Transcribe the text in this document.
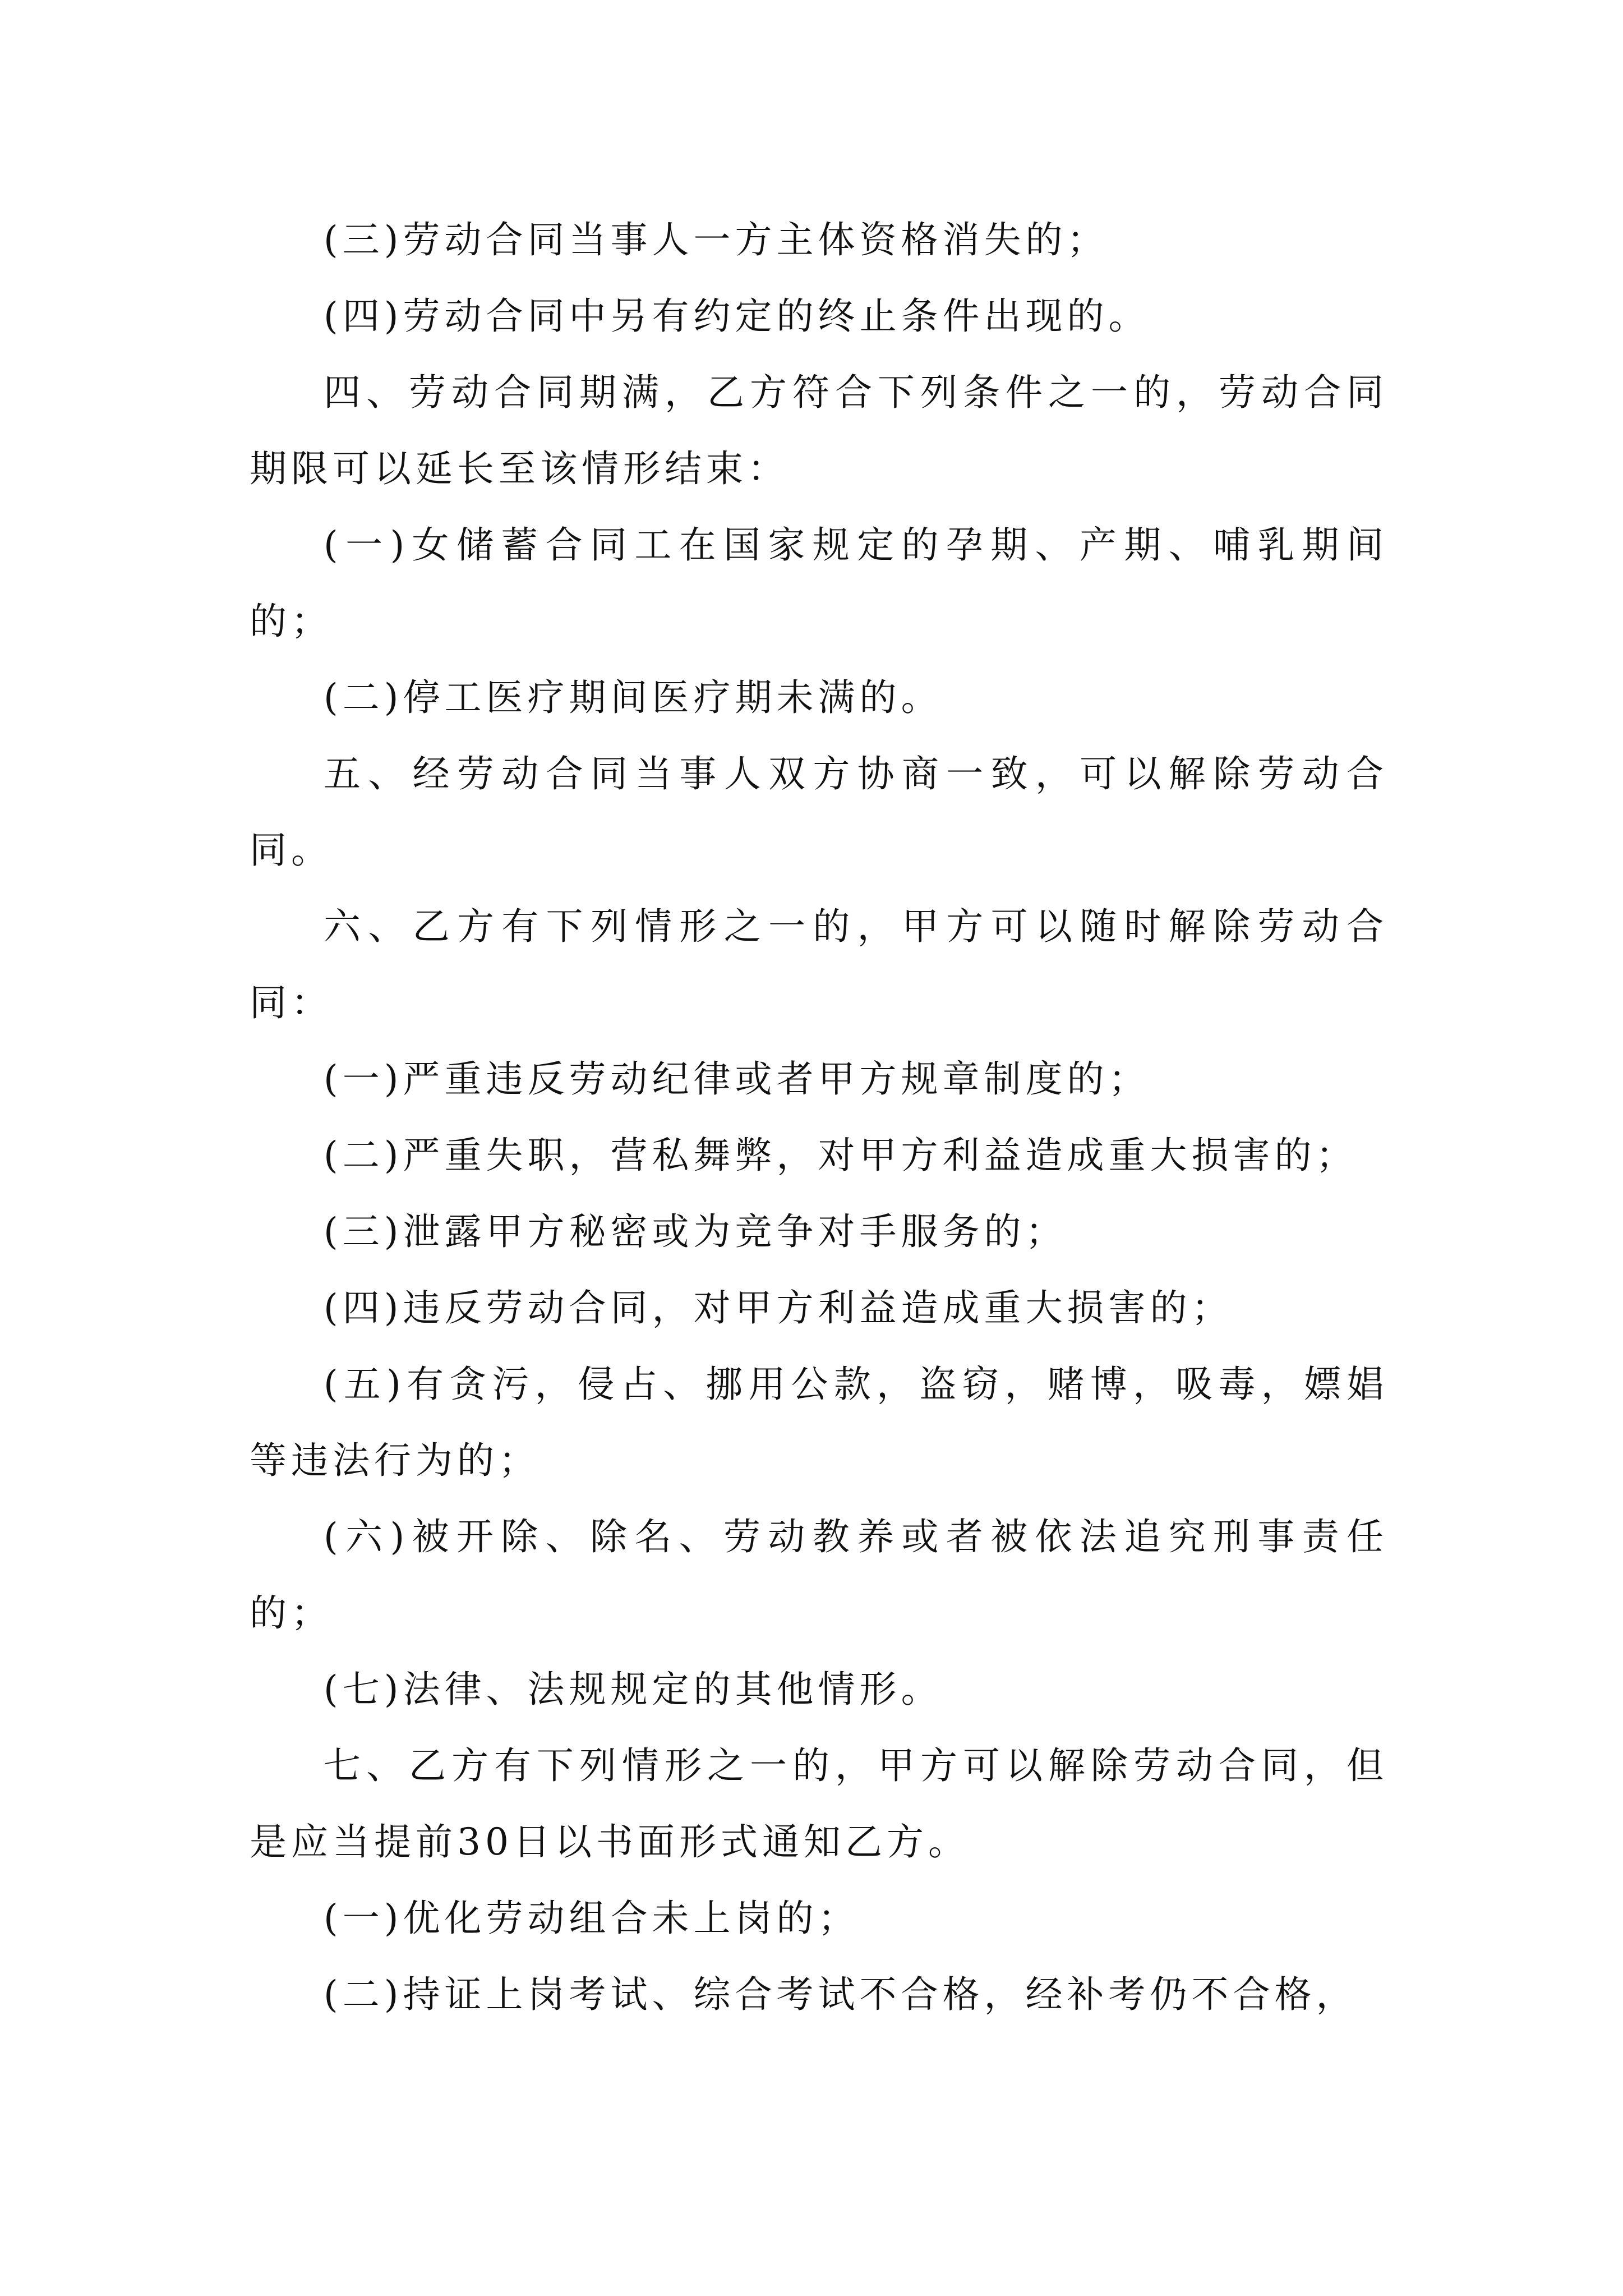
(三)劳动合同当事人一方主体资格消失的；

(四)劳动合同中另有约定的终止条件出现的。

四、劳动合同期满，乙方符合下列条件之一的，劳动合同期限可以延长至该情形结束：

(一)女储蓄合同工在国家规定的孕期、产期、哺乳期间的；

(二)停工医疗期间医疗期未满的。

五、经劳动合同当事人双方协商一致，可以解除劳动合同。

六、乙方有下列情形之一的，甲方可以随时解除劳动合同：

(一)严重违反劳动纪律或者甲方规章制度的；

(二)严重失职，营私舞弊，对甲方利益造成重大损害的；

(三)泄露甲方秘密或为竞争对手服务的；

(四)违反劳动合同，对甲方利益造成重大损害的；

(五)有贪污，侵占、挪用公款，盗窃，赌博，吸毒，嫖娼等违法行为的；

(六)被开除、除名、劳动教养或者被依法追究刑事责任的；

(七)法律、法规规定的其他情形。

七、乙方有下列情形之一的，甲方可以解除劳动合同，但是应当提前30日以书面形式通知乙方。

(一)优化劳动组合未上岗的；

(二)持证上岗考试、综合考试不合格，经补考仍不合格，
